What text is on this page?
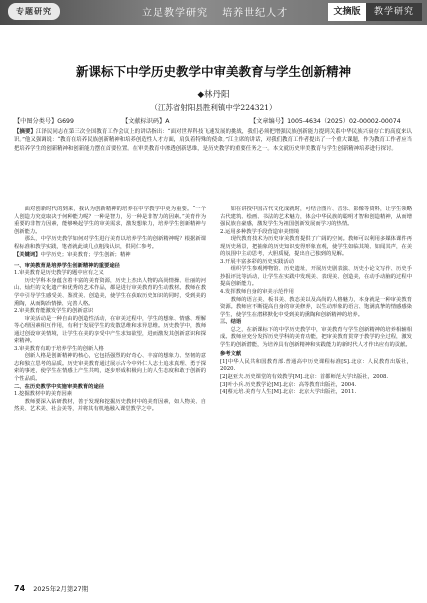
专题研究	立足教学研究 培养世纪人才	文摘版	教学研究
新课标下中学历史教学中审美教育与学生创新精神
◆林丹阳
（江苏省射阳县胜利镇中学224321）
【中图分类号】G699	【文献标识码】A	【文章编号】1005-4634（2025）02-00002-00074
【摘要】江泽民同志在第三次全国教育工作会议上的讲话指出：“面对世界科技飞速发展的挑战，我们必须把增强民族创新能力提到关系中华民族兴衰存亡的高度来认识。”他又强调说：“教育在培养民族创新精神和培养创造性人才方面，肩负着特殊的使命。”江主席的讲话，对我们教育工作者提出了一个重大课题，作为教育工作者应当把培养学生的创新精神和创新能力摆在首要位置。在审美教育中渗透创新思维，是历史教学的重要任务之一。本文就历史审美教育与学生创新精神培养进行探讨。

面对创新时代的到来，我认为创新精神的培养在中学教学中更为重要。“一个人创造力究竟取决于何种能力呢？一种是智力，另一种是非智力的因素。”美育作为重要的非智力因素，能够唤起学生的审美需求，激发想象力，培养学生创新精神与创新能力。

那么，中学历史教学如何对学生进行美育以培养学生的创新精神呢？根据新课程标准和教学实践，笔者就此谈几点粗浅认识，供同仁参考。

【关键词】中学历史；审美教育；学生创新；精神

一、审美教育是培养学生创新精神的重要途径

1.审美教育是历史教学的题中应有之义

历史学科本身蕴含着丰富的美育资源，历史上杰出人物的高尚情操、壮丽的河山、灿烂的文化遗产和优秀的艺术作品，都是进行审美教育的生动教材。教师在教学中引导学生感受美、鉴赏美、创造美，使学生在获取历史知识的同时，受到美的熏陶，从而陶冶情操、完善人格。

2.审美教育能激发学生的创新意识

审美活动是一种自由的创造性活动，在审美过程中，学生的想象、情感、理解等心理因素相互作用，有利于发展学生的发散思维和求异思维。历史教学中，教师通过创设审美情境，让学生在美的享受中产生求知欲望，进而激发其创新意识和探索精神。

3.审美教育有助于培养学生的创新人格

创新人格是创新精神的核心，它包括强烈的好奇心、丰富的想象力、坚韧的意志和独立思考的品质。历史审美教育通过展示古今中外仁人志士追求真理、勇于探索的事迹，使学生在情感上产生共鸣，逐步形成积极向上的人生态度和敢于创新的个性品质。

二、在历史教学中实施审美教育的途径

1.挖掘教材中的美育因素

教师要深入钻研教材，善于发现和挖掘历史教材中的美育因素，如人物美、自然美、艺术美、社会美等，并将其有机地融入课堂教学之中。

如在讲授中国古代文化成就时，可结合图片、音乐、影像等资料，让学生领略古代建筑、绘画、书法的艺术魅力，体会中华民族的聪明才智和创造精神，从而增强民族自豪感，激发学生为祖国创新发展而学习的热情。

2.运用多种教学手段营造审美情境

现代教育技术为历史审美教育提供了广阔的空间。教师可以利用多媒体课件再现历史场景，把抽象的历史知识变得形象直观，使学生如临其境、如闻其声，在美的氛围中主动思考，大胆质疑，提出自己独到的见解。

3.开展丰富多彩的历史实践活动

组织学生参观博物馆、历史遗址，开展历史剧表演、历史小论文写作、历史手抄报评比等活动，让学生在实践中发现美、表现美、创造美，在动手动脑的过程中提高创新能力。

4.发挥教师自身的审美示范作用

教师的语言美、板书美、教态美以及高尚的人格魅力，本身就是一种审美教育资源。教师应不断提高自身的审美修养，以生动形象的语言、饱满真挚的情感感染学生，使学生在潜移默化中受到美的熏陶和创新精神的培养。

三、结语

总之，在新课标下的中学历史教学中，审美教育与学生创新精神的培养相辅相成。教师应充分发挥历史学科的美育功能，把审美教育贯穿于教学的全过程，激发学生的创新潜能，为培养具有创新精神和实践能力的新时代人才作出应有的贡献。

参考文献

[1]中华人民共和国教育部.普通高中历史课程标准[S].北京：人民教育出版社，2020.

[2]赵亚夫.历史课堂的有效教学[M].北京：首都师范大学出版社，2008.

[3]叶小兵.历史教学论[M].北京：高等教育出版社，2004.

[4]蔡元培.美育与人生[M].北京：北京大学出版社，2011.

74 2025年2月第27期
